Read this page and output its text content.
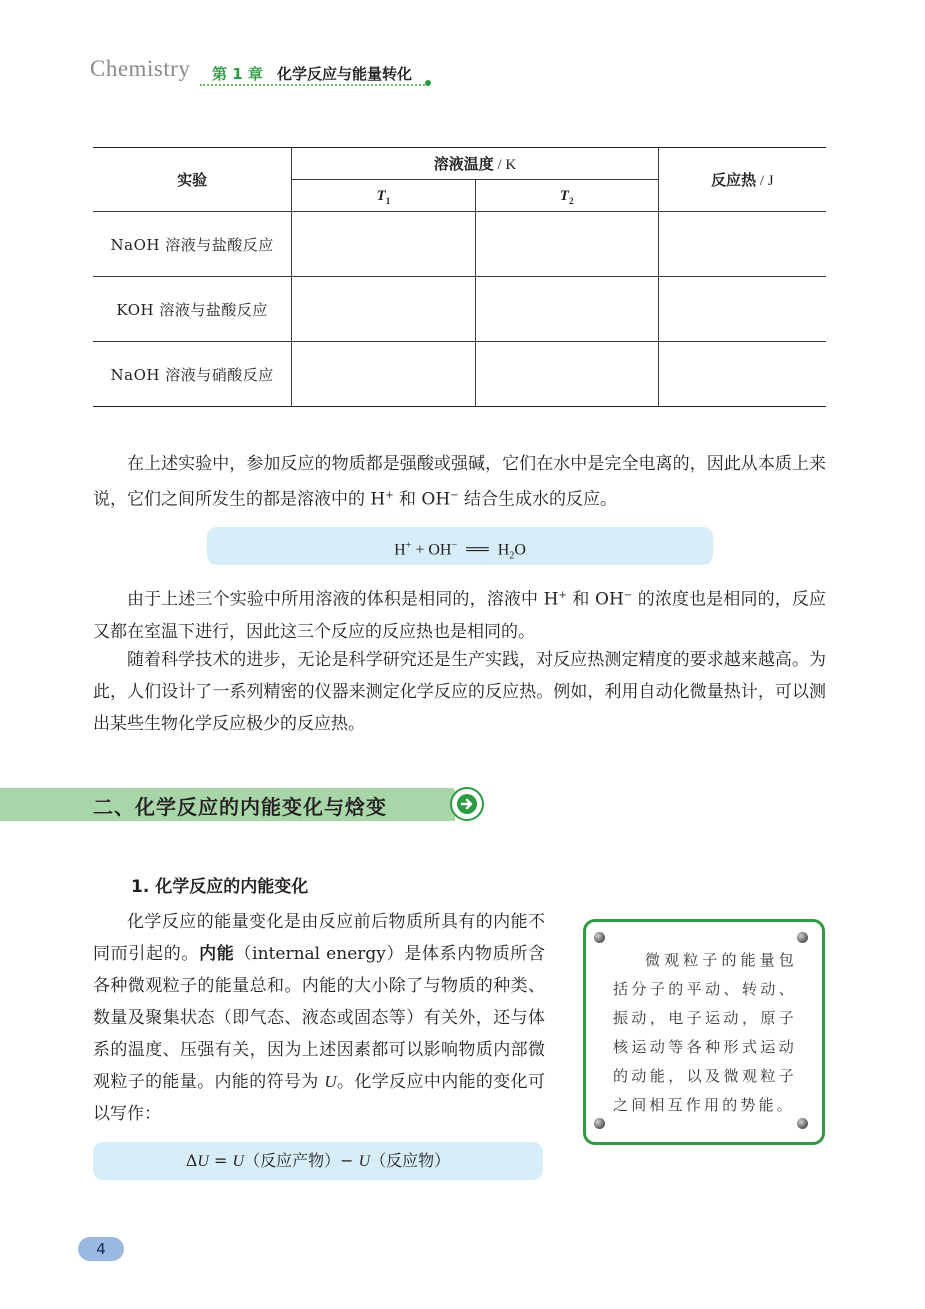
Chemistry 第 1 章 化学反应与能量转化
实验	溶液温度 / K		反应热 / J
	$T_1$	$T_2$
NaOH 溶液与盐酸反应			
KOH 溶液与盐酸反应			
NaOH 溶液与硝酸反应			
在上述实验中，参加反应的物质都是强酸或强碱，它们在水中是完全电离的，因此从本质上来说，它们之间所发生的都是溶液中的 H+ 和 OH− 结合生成水的反应。
H+ + OH− ══ $H_2O$
由于上述三个实验中所用溶液的体积是相同的，溶液中 H+ 和 OH− 的浓度也是相同的，反应又都在室温下进行，因此这三个反应的反应热也是相同的。
随着科学技术的进步，无论是科学研究还是生产实践，对反应热测定精度的要求越来越高。为此，人们设计了一系列精密的仪器来测定化学反应的反应热。例如，利用自动化微量热计，可以测出某些生物化学反应极少的反应热。
二、化学反应的内能变化与焓变
1. 化学反应的内能变化
化学反应的能量变化是由反应前后物质所具有的内能不同而引起的。内能（internal energy）是体系内物质所含各种微观粒子的能量总和。内能的大小除了与物质的种类、数量及聚集状态（即气态、液态或固态等）有关外，还与体系的温度、压强有关，因为上述因素都可以影响物质内部微观粒子的能量。内能的符号为 U。化学反应中内能的变化可以写作：
ΔU = U（反应产物）− U（反应物）
微观粒子的能量包括分子的平动、转动、振动，电子运动，原子核运动等各种形式运动的动能，以及微观粒子之间相互作用的势能。
4
